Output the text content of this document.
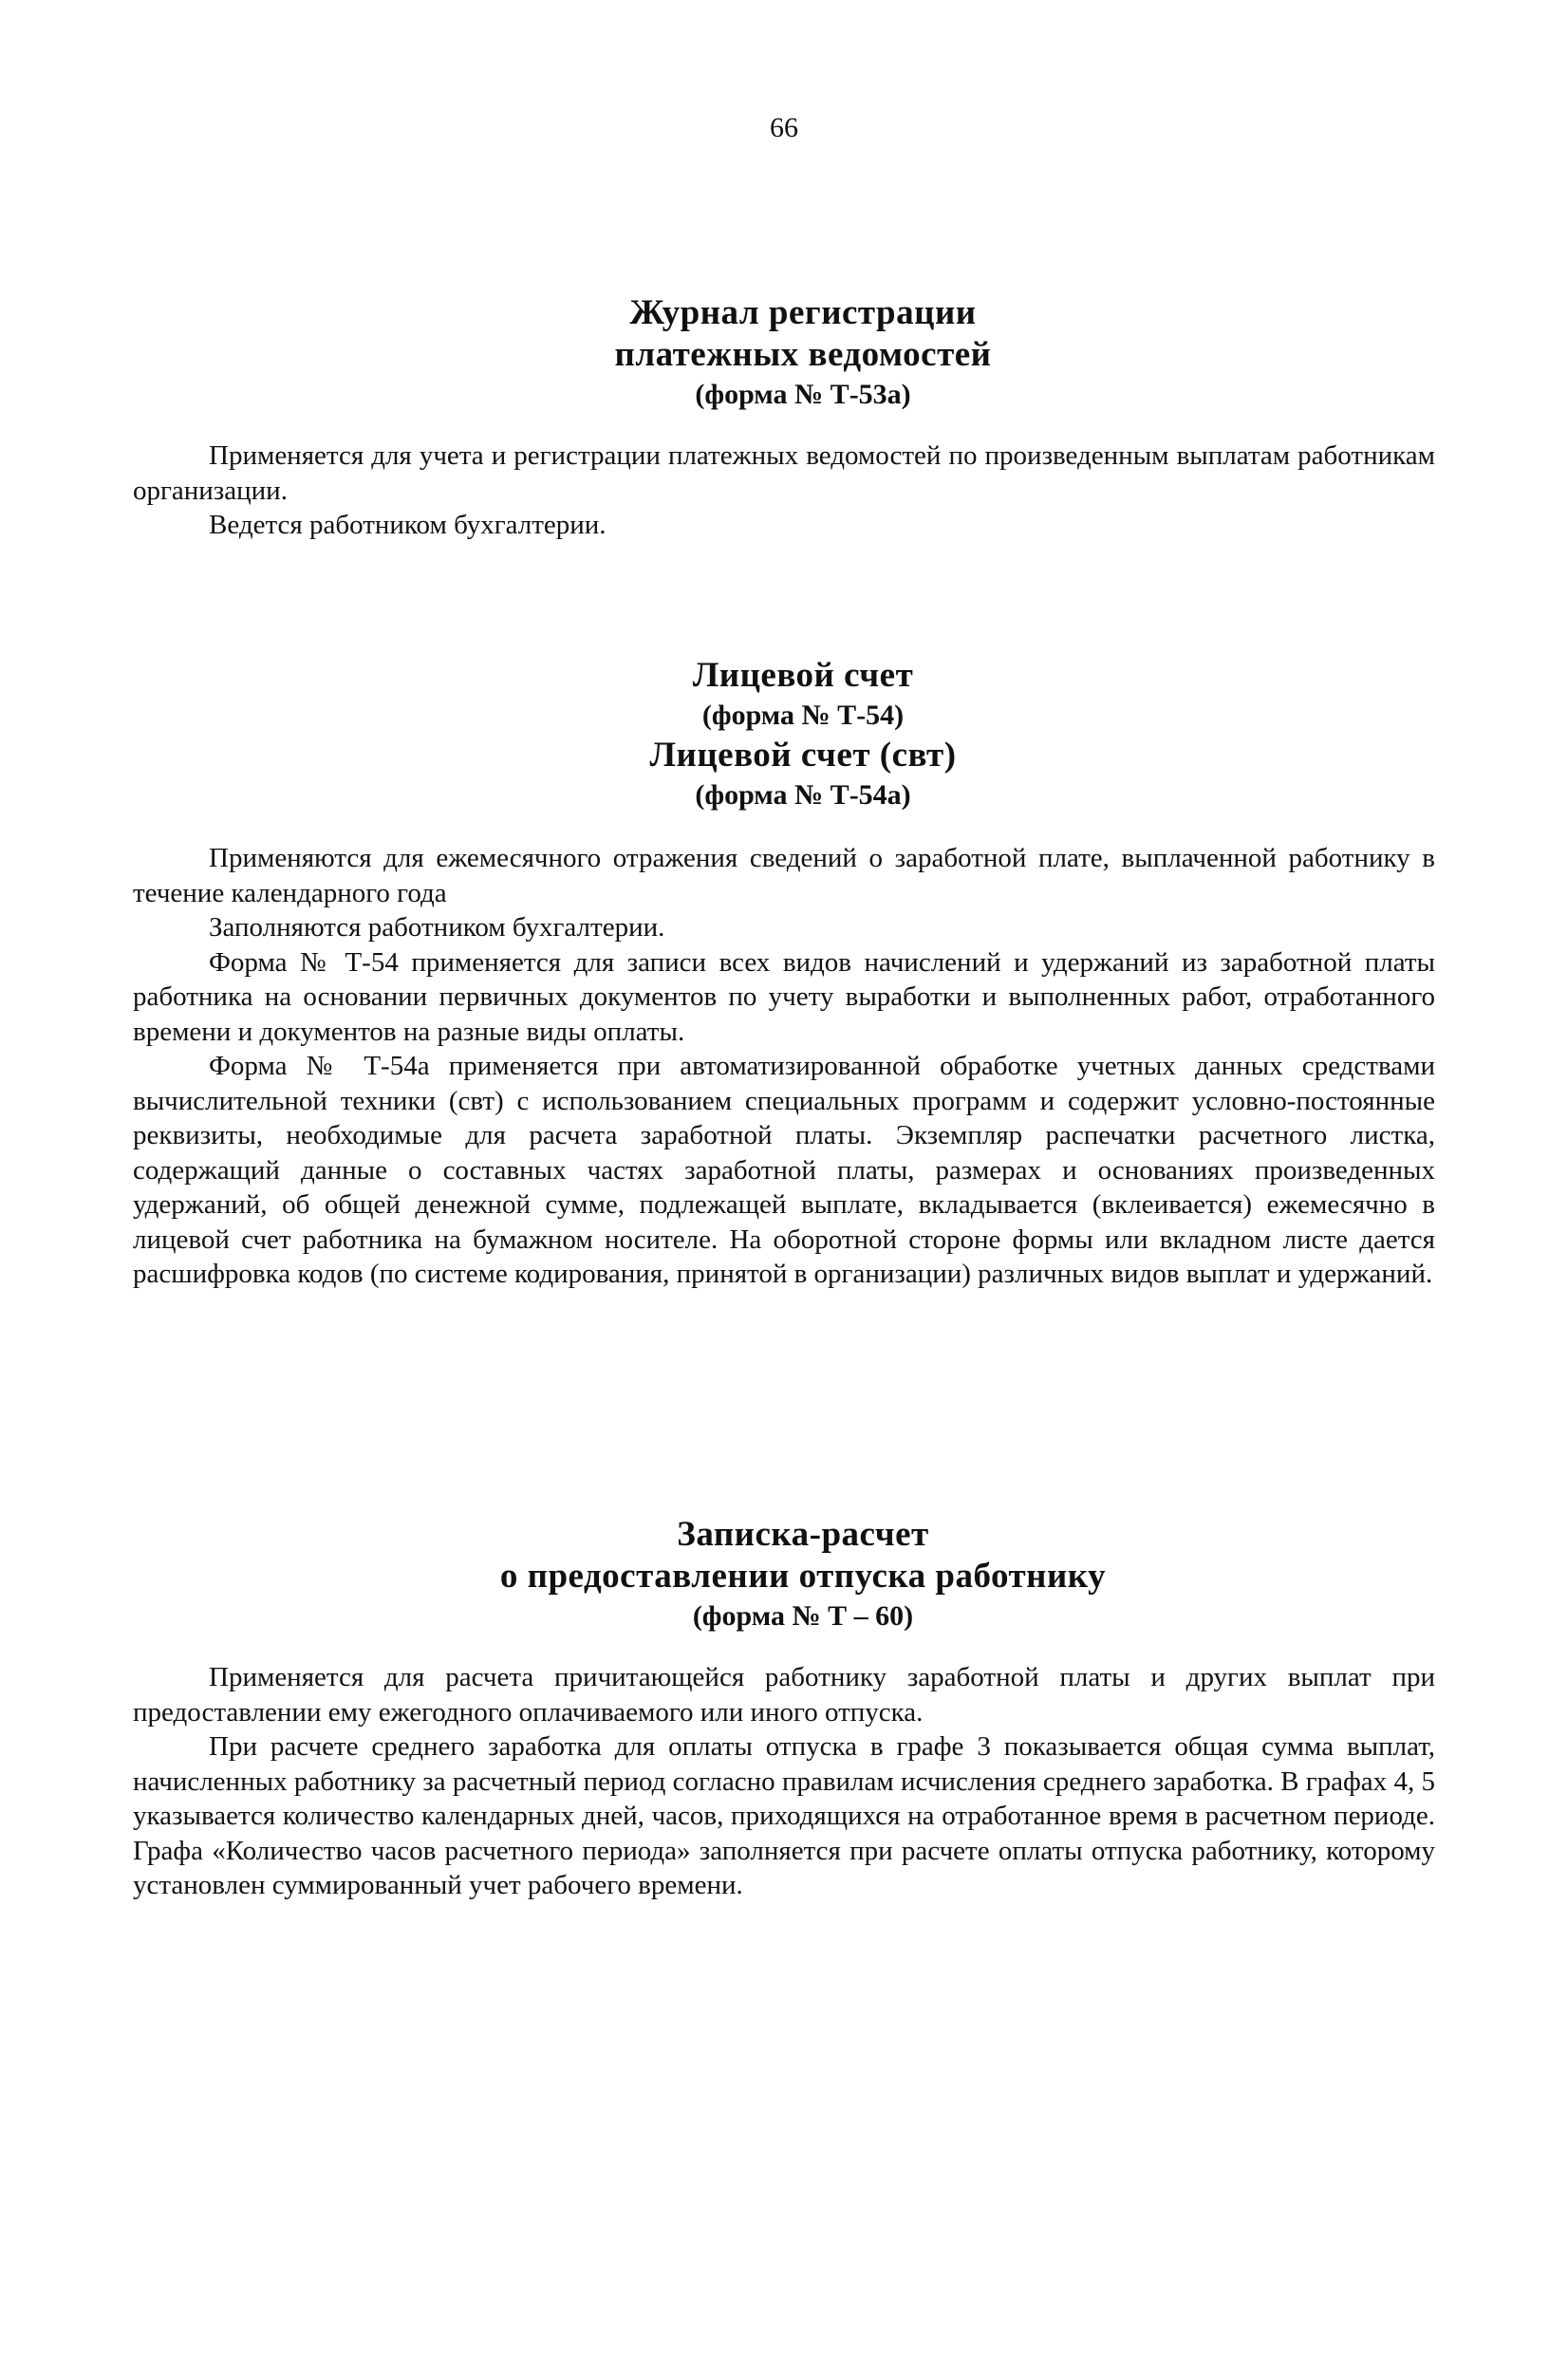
66
Журнал регистрации
платежных ведомостей
(форма № Т-53а)

Применяется для учета и регистрации платежных ведомостей по произведенным выплатам работникам организации.

Ведется работником бухгалтерии.

Лицевой счет
(форма № Т-54)
Лицевой счет (свт)
(форма № Т-54а)

Применяются для ежемесячного отражения сведений о заработной плате, выплаченной работнику в течение календарного года

Заполняются работником бухгалтерии.

Форма № Т-54 применяется для записи всех видов начислений и удержаний из заработной платы работника на основании первичных документов по учету выработки и выполненных работ, отработанного времени и документов на разные виды оплаты.

Форма № Т-54а применяется при автоматизированной обработке учетных данных средствами вычислительной техники (свт) с использованием специальных программ и содержит условно-постоянные реквизиты, необходимые для расчета заработной платы. Экземпляр распечатки расчетного листка, содержащий данные о составных частях заработной платы, размерах и основаниях произведенных удержаний, об общей денежной сумме, подлежащей выплате, вкладывается (вклеивается) ежемесячно в лицевой счет работника на бумажном носителе. На оборотной стороне формы или вкладном листе дается расшифровка кодов (по системе кодирования, принятой в организации) различных видов выплат и удержаний.

Записка-расчет
о предоставлении отпуска работнику
(форма № Т – 60)

Применяется для расчета причитающейся работнику заработной платы и других выплат при предоставлении ему ежегодного оплачиваемого или иного отпуска.

При расчете среднего заработка для оплаты отпуска в графе 3 показывается общая сумма выплат, начисленных работнику за расчетный период согласно правилам исчисления среднего заработка. В графах 4, 5 указывается количество календарных дней, часов, приходящихся на отработанное время в расчетном периоде. Графа «Количество часов расчетного периода» заполняется при расчете оплаты отпуска работнику, которому установлен суммированный учет рабочего времени.
